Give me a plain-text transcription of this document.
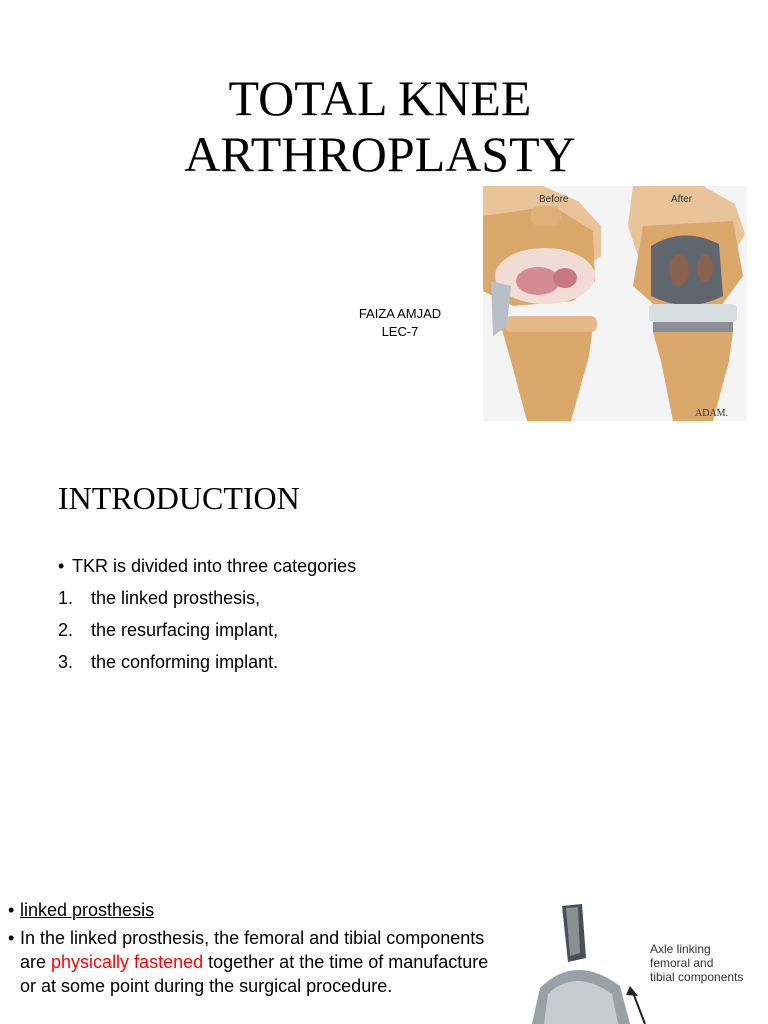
TOTAL KNEE
ARTHROPLASTY
FAIZA AMJAD
LEC-7
Before	After
ADAM.
INTRODUCTION
• TKR is divided into three categories
1. the linked prosthesis,
2. the resurfacing implant,
3. the conforming implant.
• linked prosthesis
• In the linked prosthesis, the femoral and tibial components are physically fastened together at the time of manufacture or at some point during the surgical procedure.
Axle linking
femoral and
tibial components
